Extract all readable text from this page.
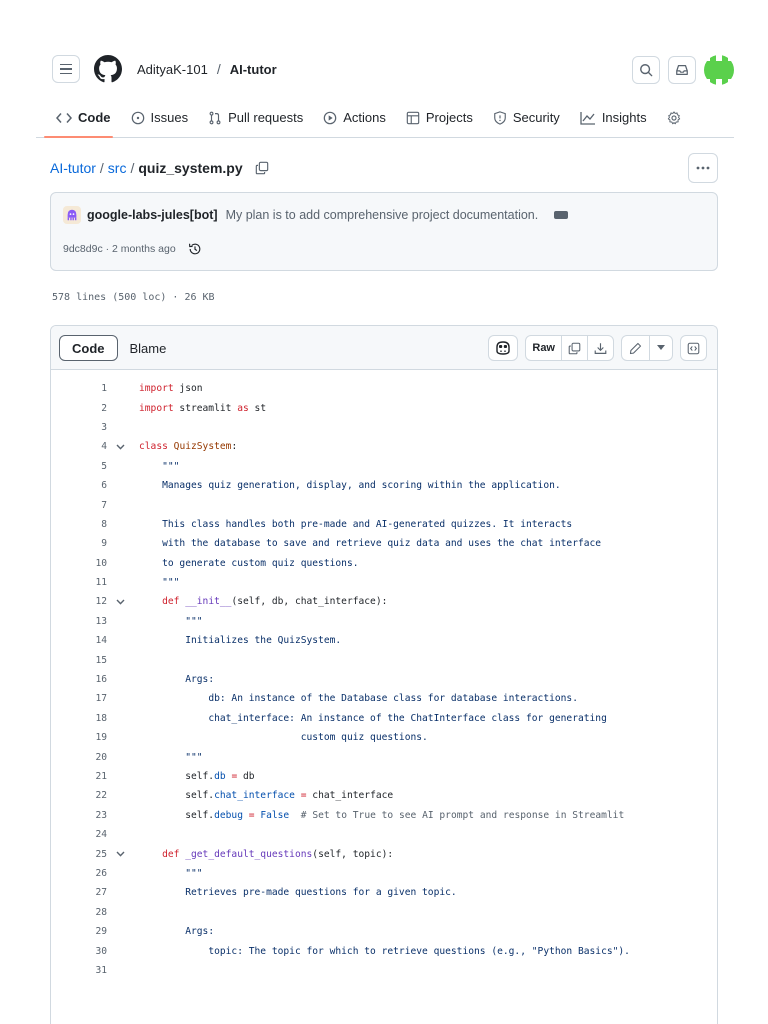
AdityaK-101 / AI-tutor
Code	Issues	Pull requests	Actions	Projects	Security	Insights
AI-tutor / src / quiz_system.py
google-labs-jules[bot] My plan is to add comprehensive project documentation.
9dc8d9c · 2 months ago
578 lines (500 loc) · 26 KB
Code	Blame	Raw
1	import json
2	import streamlit as st
3
4	class QuizSystem:
5	"""
6	Manages quiz generation, display, and scoring within the application.
7
8	This class handles both pre-made and AI-generated quizzes. It interacts
9	with the database to save and retrieve quiz data and uses the chat interface
10	to generate custom quiz questions.
11	"""
12	def __init__(self, db, chat_interface):
13	"""
14	Initializes the QuizSystem.
15
16	Args:
17	db: An instance of the Database class for database interactions.
18	chat_interface: An instance of the ChatInterface class for generating
19	custom quiz questions.
20	"""
21	self.db = db
22	self.chat_interface = chat_interface
23	self.debug = False # Set to True to see AI prompt and response in Streamlit
24
25	def _get_default_questions(self, topic):
26	"""
27	Retrieves pre-made questions for a given topic.
28
29	Args:
30	topic: The topic for which to retrieve questions (e.g., "Python Basics").
31
